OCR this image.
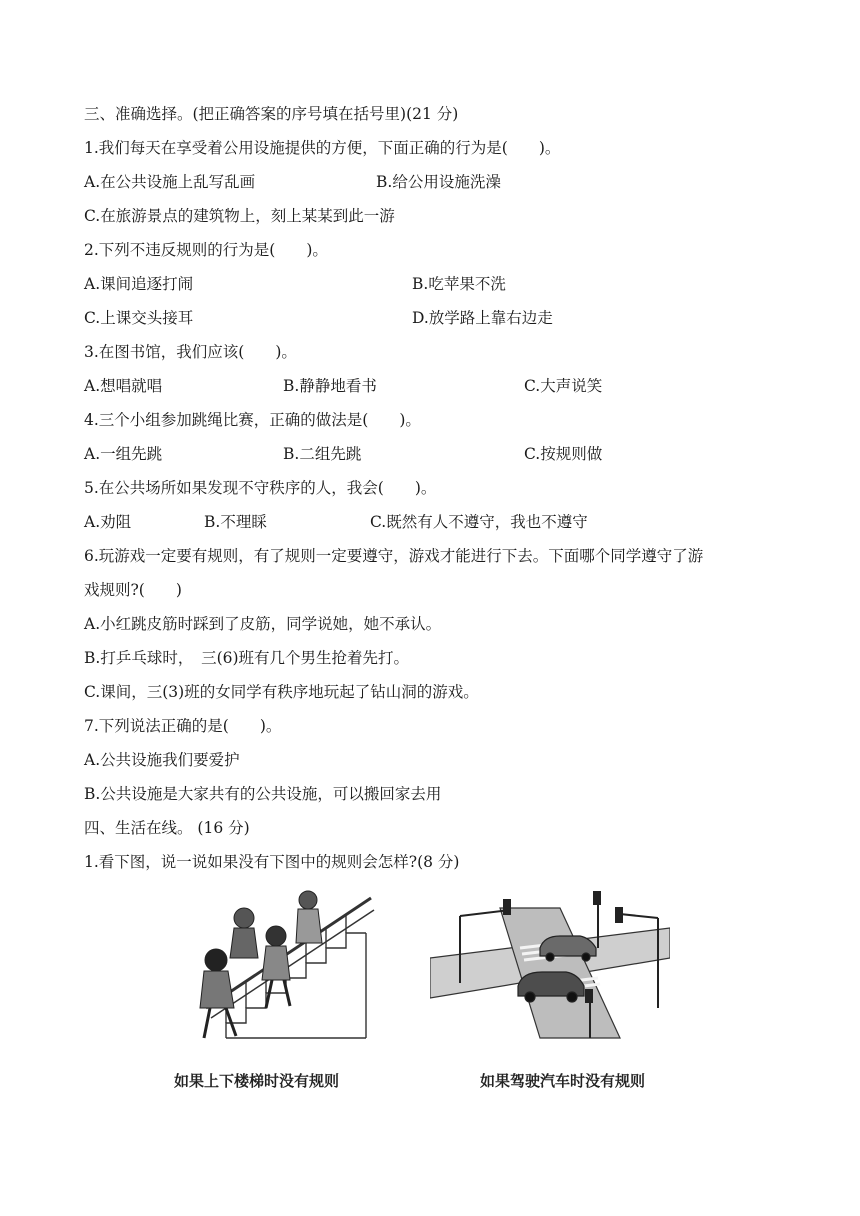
三、准确选择。(把正确答案的序号填在括号里)(21 分)
1.我们每天在享受着公用设施提供的方便，下面正确的行为是(　　)。
A.在公共设施上乱写乱画	B.给公用设施洗澡
C.在旅游景点的建筑物上，刻上某某到此一游
2.下列不违反规则的行为是(　　)。
A.课间追逐打闹	B.吃苹果不洗
C.上课交头接耳	D.放学路上靠右边走
3.在图书馆，我们应该(　　)。
A.想唱就唱	B.静静地看书	C.大声说笑
4.三个小组参加跳绳比赛，正确的做法是(　　)。
A.一组先跳	B.二组先跳	C.按规则做
5.在公共场所如果发现不守秩序的人，我会(　　)。
A.劝阻	B.不理睬	C.既然有人不遵守，我也不遵守
6.玩游戏一定要有规则，有了规则一定要遵守，游戏才能进行下去。下面哪个同学遵守了游
戏规则?(　　)
A.小红跳皮筋时踩到了皮筋，同学说她，她不承认。
B.打乒乓球时，　三(6)班有几个男生抢着先打。
C.课间，三(3)班的女同学有秩序地玩起了钻山洞的游戏。
7.下列说法正确的是(　　)。
A.公共设施我们要爱护
B.公共设施是大家共有的公共设施，可以搬回家去用
四、生活在线。 (16 分)
1.看下图，说一说如果没有下图中的规则会怎样?(8 分)
如果上下楼梯时没有规则	如果驾驶汽车时没有规则
